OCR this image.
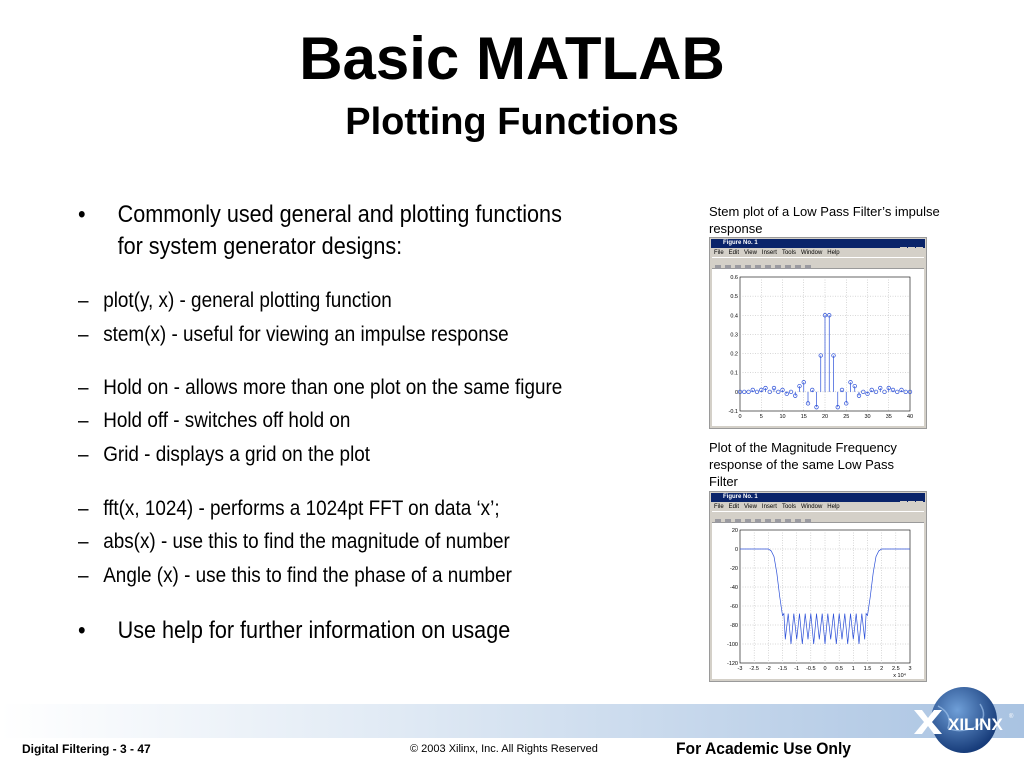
Basic MATLAB
Plotting Functions
• Commonly used general and plotting functions
for system generator designs:
– plot(y, x) - general plotting function
– stem(x) - useful for viewing an impulse response
– Hold on - allows more than one plot on the same figure
– Hold off - switches off hold on
– Grid - displays a grid on the plot
– fft(x, 1024) - performs a 1024pt FFT on data ‘x’;
– abs(x) - use this to find the magnitude of number
– Angle (x) - use this to find the phase of a number
• Use help for further information on usage
Stem plot of a Low Pass Filter’s impulse
response
Figure No. 1
File Edit View Insert Tools Window Help
0	5	10	15	20	25	30	35	40
0.6
0.5
0.4
0.3
0.2
0.1
0
-0.1
Plot of the Magnitude Frequency
response of the same Low Pass
Filter
Figure No. 1
File Edit View Insert Tools Window Help
-3 -2.5 -2 -1.5 -1 -0.5 0 0.5 1 1.5 2 2.5 3
20
0
-20
-40
-60
-80
-100
-120
x 10⁴
XILINX ®
Digital Filtering - 3 - 47	© 2003 Xilinx, Inc. All Rights Reserved	For Academic Use Only
